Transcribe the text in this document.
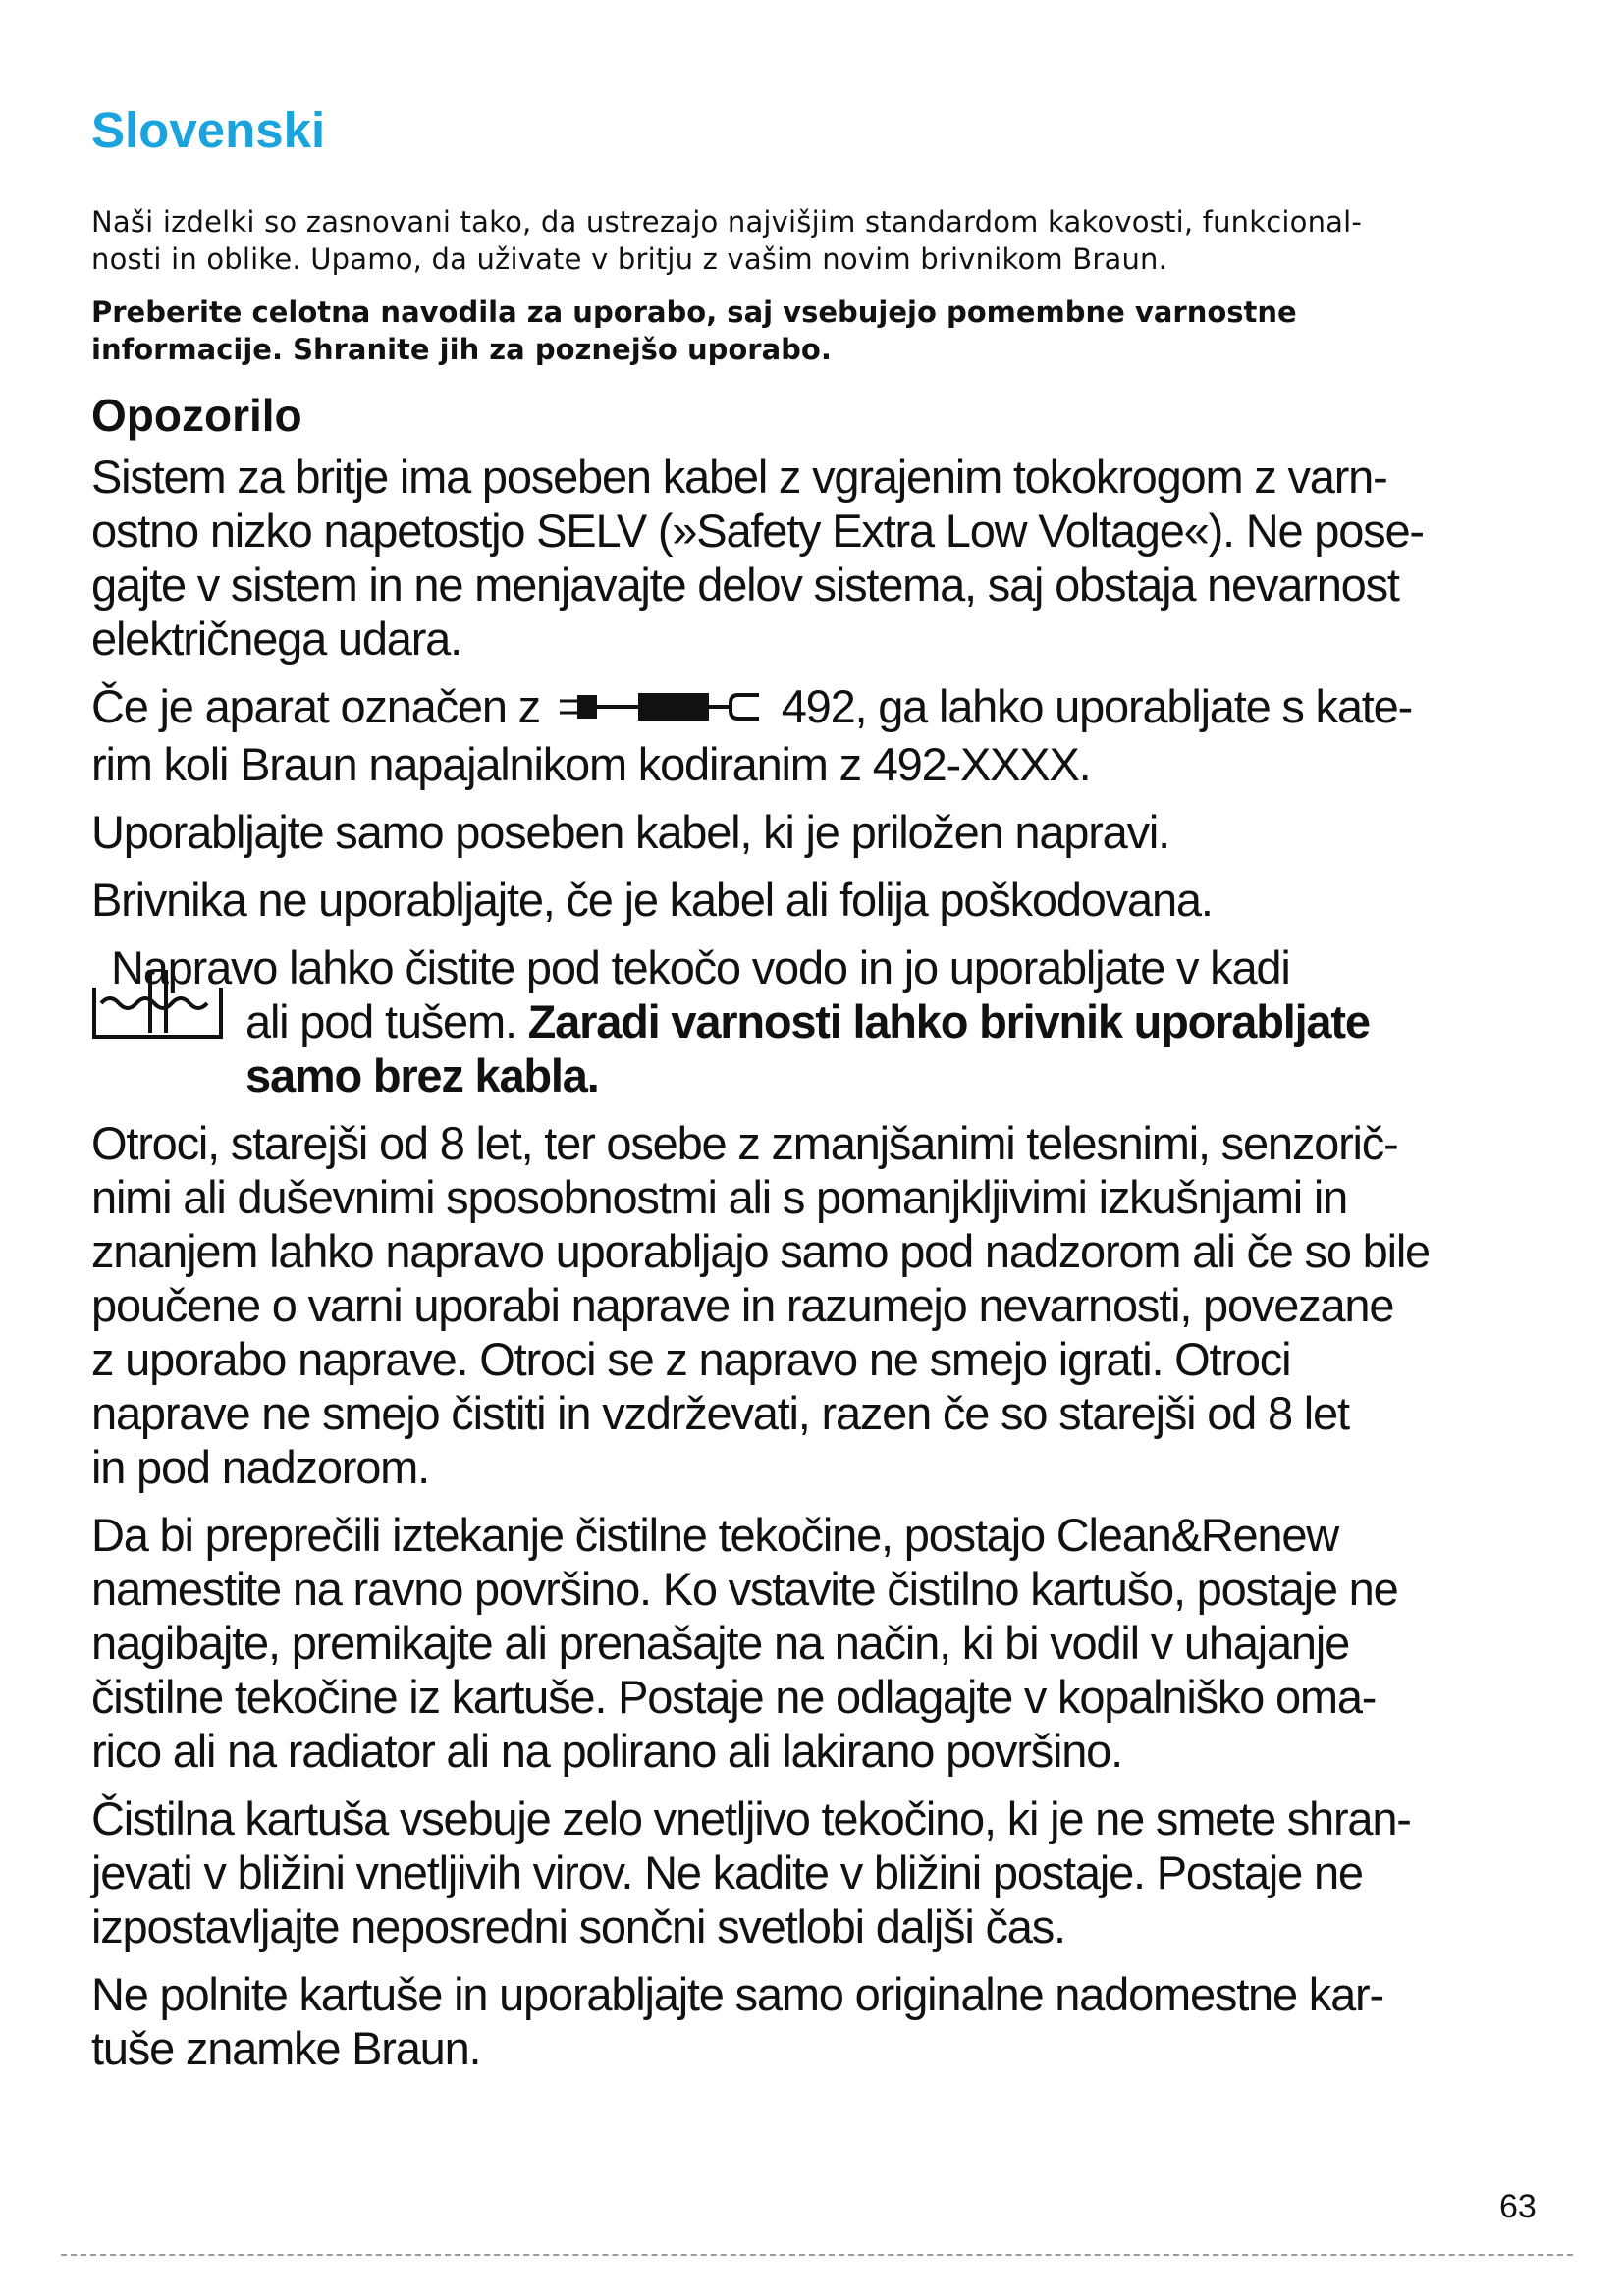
Slovenski

Naši izdelki so zasnovani tako, da ustrezajo najvišjim standardom kakovosti, funkcional-
nosti in oblike. Upamo, da uživate v britju z vašim novim brivnikom Braun.

Preberite celotna navodila za uporabo, saj vsebujejo pomembne varnostne
informacije. Shranite jih za poznejšo uporabo.

Opozorilo

Sistem za britje ima poseben kabel z vgrajenim tokokrogom z varn-
ostno nizko napetostjo SELV (»Safety Extra Low Voltage«). Ne pose-
gajte v sistem in ne menjavajte delov sistema, saj obstaja nevarnost
električnega udara.

Če je aparat označen z	492, ga lahko uporabljate s kate-
rim koli Braun napajalnikom kodiranim z 492-XXXX.

Uporabljajte samo poseben kabel, ki je priložen napravi.

Brivnika ne uporabljajte, če je kabel ali folija poškodovana.

Napravo lahko čistite pod tekočo vodo in jo uporabljate v kadi
ali pod tušem. Zaradi varnosti lahko brivnik uporabljate
samo brez kabla.

Otroci, starejši od 8 let, ter osebe z zmanjšanimi telesnimi, senzorič-
nimi ali duševnimi sposobnostmi ali s pomanjkljivimi izkušnjami in
znanjem lahko napravo uporabljajo samo pod nadzorom ali če so bile
poučene o varni uporabi naprave in razumejo nevarnosti, povezane
z uporabo naprave. Otroci se z napravo ne smejo igrati. Otroci
naprave ne smejo čistiti in vzdrževati, razen če so starejši od 8 let
in pod nadzorom.

Da bi preprečili iztekanje čistilne tekočine, postajo Clean&Renew
namestite na ravno površino. Ko vstavite čistilno kartušo, postaje ne
nagibajte, premikajte ali prenašajte na način, ki bi vodil v uhajanje
čistilne tekočine iz kartuše. Postaje ne odlagajte v kopalniško oma-
rico ali na radiator ali na polirano ali lakirano površino.

Čistilna kartuša vsebuje zelo vnetljivo tekočino, ki je ne smete shran-
jevati v bližini vnetljivih virov. Ne kadite v bližini postaje. Postaje ne
izpostavljajte neposredni sončni svetlobi daljši čas.

Ne polnite kartuše in uporabljajte samo originalne nadomestne kar-
tuše znamke Braun.

63
